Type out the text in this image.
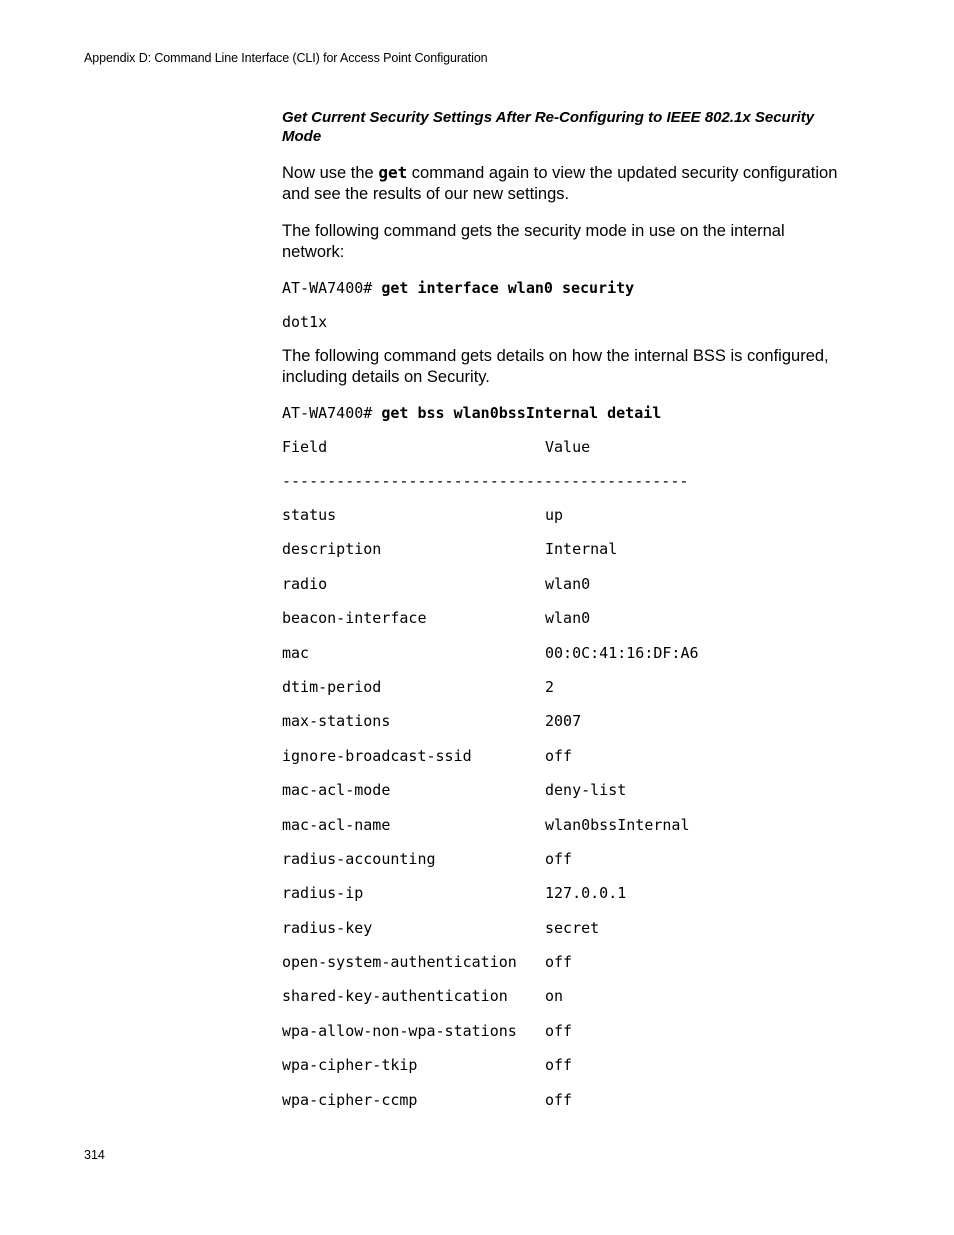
Appendix D: Command Line Interface (CLI) for Access Point Configuration

Get Current Security Settings After Re-Configuring to IEEE 802.1x Security Mode

Now use the get command again to view the updated security configuration and see the results of our new settings.

The following command gets the security mode in use on the internal network:

AT-WA7400# get interface wlan0 security

dot1x

The following command gets details on how the internal BSS is configured, including details on Security.

AT-WA7400# get bss wlan0bssInternal detail

Field	Value
---------------------------------------------
status	up
description	Internal
radio	wlan0
beacon-interface	wlan0
mac	00:0C:41:16:DF:A6
dtim-period	2
max-stations	2007
ignore-broadcast-ssid	off
mac-acl-mode	deny-list
mac-acl-name	wlan0bssInternal
radius-accounting	off
radius-ip	127.0.0.1
radius-key	secret
open-system-authentication	off
shared-key-authentication	on
wpa-allow-non-wpa-stations	off
wpa-cipher-tkip	off
wpa-cipher-ccmp	off
314
